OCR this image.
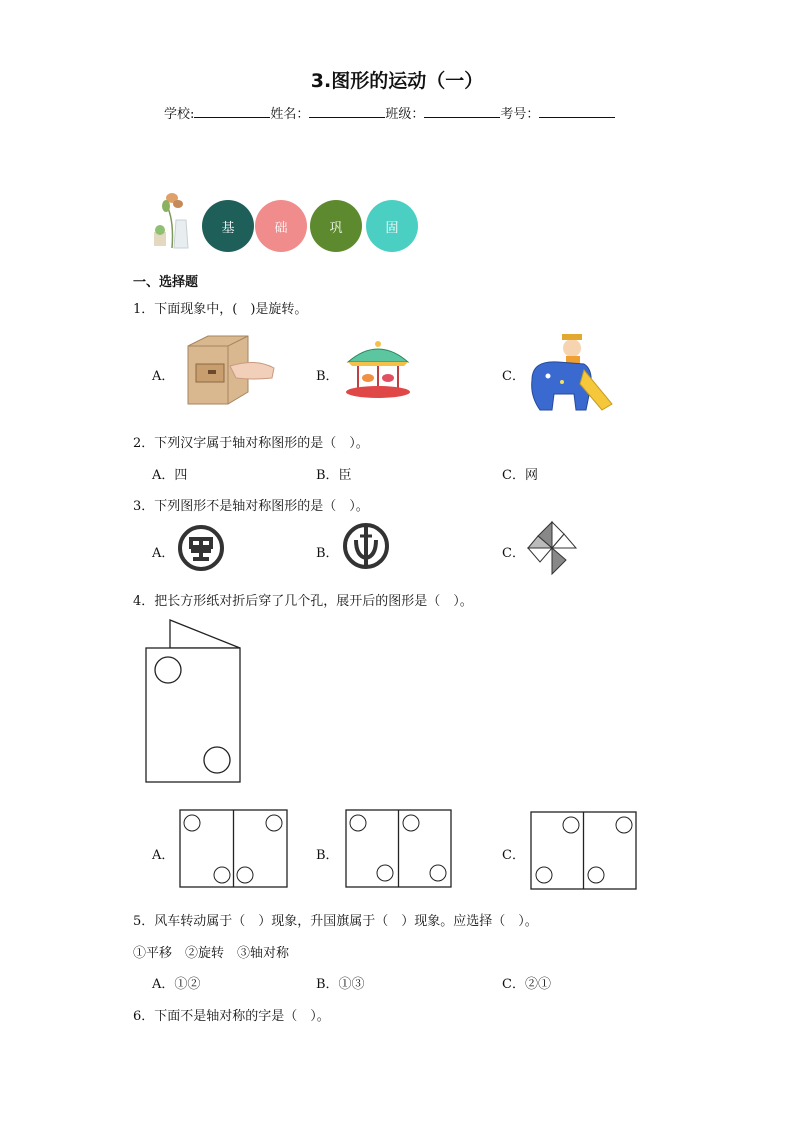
3.图形的运动（一）
学校:	姓名：	班级：	考号：
基	础	巩	固
一、选择题
1．下面现象中，(　)是旋转。
A．	B．	C．
2．下列汉字属于轴对称图形的是（　）。
A．四	B．臣	C．网
3．下列图形不是轴对称图形的是（　）。
A．	B．	C．
4．把长方形纸对折后穿了几个孔，展开后的图形是（　）。
A．	B．	C．
5．风车转动属于（　）现象，升国旗属于（　）现象。应选择（　）。
①平移　②旋转　③轴对称
A．①②	B．①③	C．②①
6．下面不是轴对称的字是（　）。
